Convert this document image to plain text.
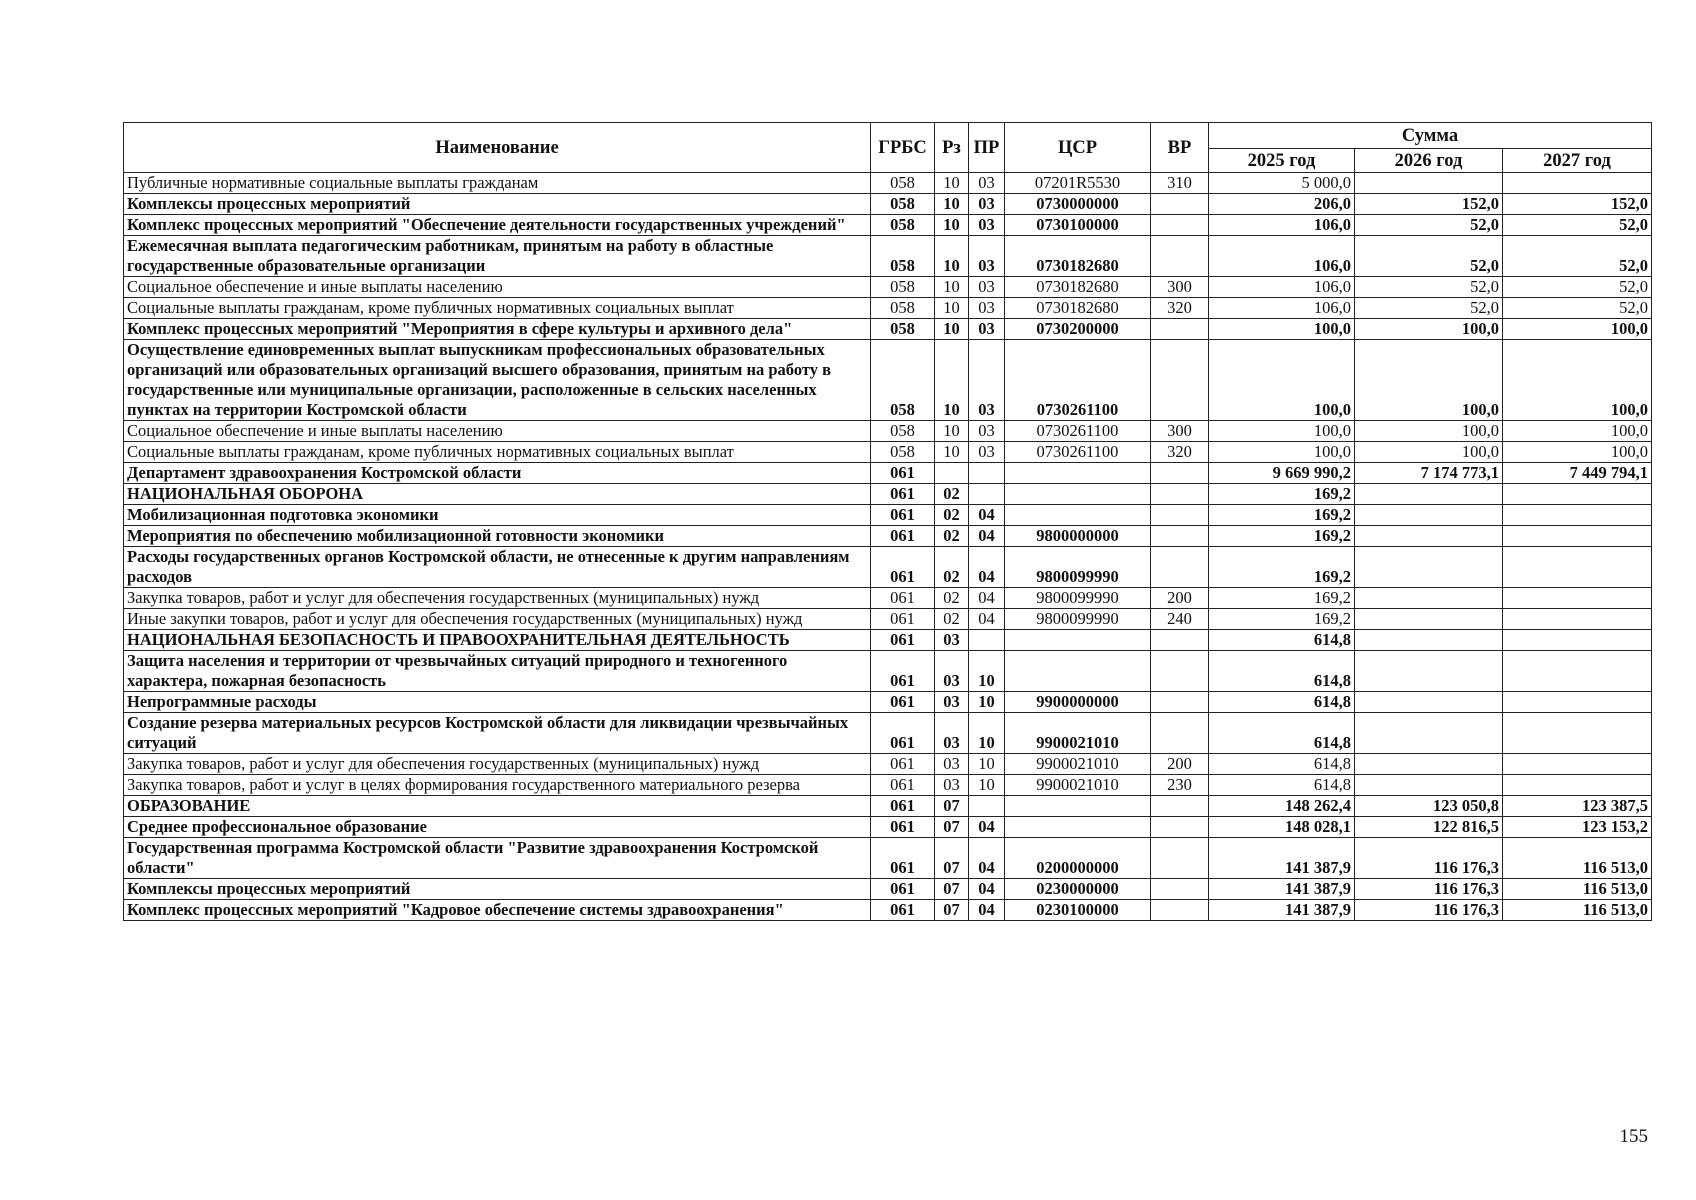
Наименование	ГРБС	Рз	ПР	ЦСР	ВР	Сумма		
						2025 год	2026 год	2027 год
Публичные нормативные социальные выплаты гражданам	058	10	03	07201R5530	310	5 000,0		
Комплексы процессных мероприятий	058	10	03	0730000000		206,0	152,0	152,0
Комплекс процессных мероприятий "Обеспечение деятельности государственных учреждений"	058	10	03	0730100000		106,0	52,0	52,0
Ежемесячная выплата педагогическим работникам, принятым на работу в областные государственные образовательные организации	058	10	03	0730182680		106,0	52,0	52,0
Социальное обеспечение и иные выплаты населению	058	10	03	0730182680	300	106,0	52,0	52,0
Социальные выплаты гражданам, кроме публичных нормативных социальных выплат	058	10	03	0730182680	320	106,0	52,0	52,0
Комплекс процессных мероприятий "Мероприятия в сфере культуры и архивного дела"	058	10	03	0730200000		100,0	100,0	100,0
Осуществление единовременных выплат выпускникам профессиональных образовательных организаций или образовательных организаций высшего образования, принятым на работу в государственные или муниципальные организации, расположенные в сельских населенных пунктах на территории Костромской области	058	10	03	0730261100		100,0	100,0	100,0
Социальное обеспечение и иные выплаты населению	058	10	03	0730261100	300	100,0	100,0	100,0
Социальные выплаты гражданам, кроме публичных нормативных социальных выплат	058	10	03	0730261100	320	100,0	100,0	100,0
Департамент здравоохранения Костромской области	061					9 669 990,2	7 174 773,1	7 449 794,1
НАЦИОНАЛЬНАЯ ОБОРОНА	061	02				169,2		
Мобилизационная подготовка экономики	061	02	04			169,2		
Мероприятия по обеспечению мобилизационной готовности экономики	061	02	04	9800000000		169,2		
Расходы государственных органов Костромской области, не отнесенные к другим направлениям расходов	061	02	04	9800099990		169,2		
Закупка товаров, работ и услуг для обеспечения государственных (муниципальных) нужд	061	02	04	9800099990	200	169,2		
Иные закупки товаров, работ и услуг для обеспечения государственных (муниципальных) нужд	061	02	04	9800099990	240	169,2		
НАЦИОНАЛЬНАЯ БЕЗОПАСНОСТЬ И ПРАВООХРАНИТЕЛЬНАЯ ДЕЯТЕЛЬНОСТЬ	061	03				614,8		
Защита населения и территории от чрезвычайных ситуаций природного и техногенного характера, пожарная безопасность	061	03	10			614,8		
Непрограммные расходы	061	03	10	9900000000		614,8		
Создание резерва материальных ресурсов Костромской области для ликвидации чрезвычайных ситуаций	061	03	10	9900021010		614,8		
Закупка товаров, работ и услуг для обеспечения государственных (муниципальных) нужд	061	03	10	9900021010	200	614,8		
Закупка товаров, работ и услуг в целях формирования государственного материального резерва	061	03	10	9900021010	230	614,8		
ОБРАЗОВАНИЕ	061	07				148 262,4	123 050,8	123 387,5
Среднее профессиональное образование	061	07	04			148 028,1	122 816,5	123 153,2
Государственная программа Костромской области "Развитие здравоохранения Костромской области"	061	07	04	0200000000		141 387,9	116 176,3	116 513,0
Комплексы процессных мероприятий	061	07	04	0230000000		141 387,9	116 176,3	116 513,0
Комплекс процессных мероприятий "Кадровое обеспечение системы здравоохранения"	061	07	04	0230100000		141 387,9	116 176,3	116 513,0
155
